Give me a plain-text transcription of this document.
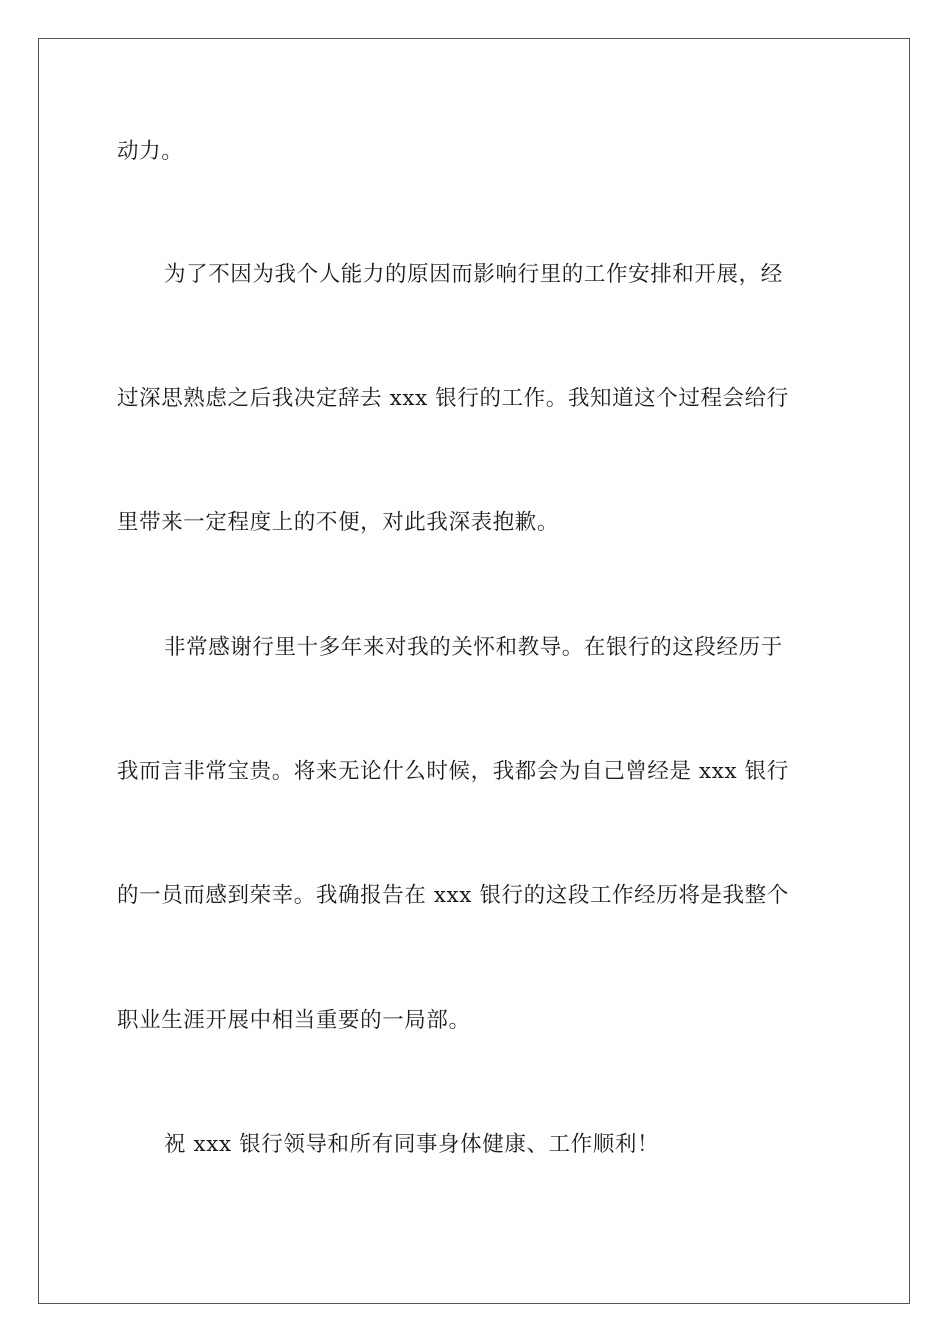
动力。
为了不因为我个人能力的原因而影响行里的工作安排和开展，经
过深思熟虑之后我决定辞去 xxx 银行的工作。我知道这个过程会给行
里带来一定程度上的不便，对此我深表抱歉。
非常感谢行里十多年来对我的关怀和教导。在银行的这段经历于
我而言非常宝贵。将来无论什么时候，我都会为自己曾经是 xxx 银行
的一员而感到荣幸。我确报告在 xxx 银行的这段工作经历将是我整个
职业生涯开展中相当重要的一局部。
祝 xxx 银行领导和所有同事身体健康、工作顺利！
